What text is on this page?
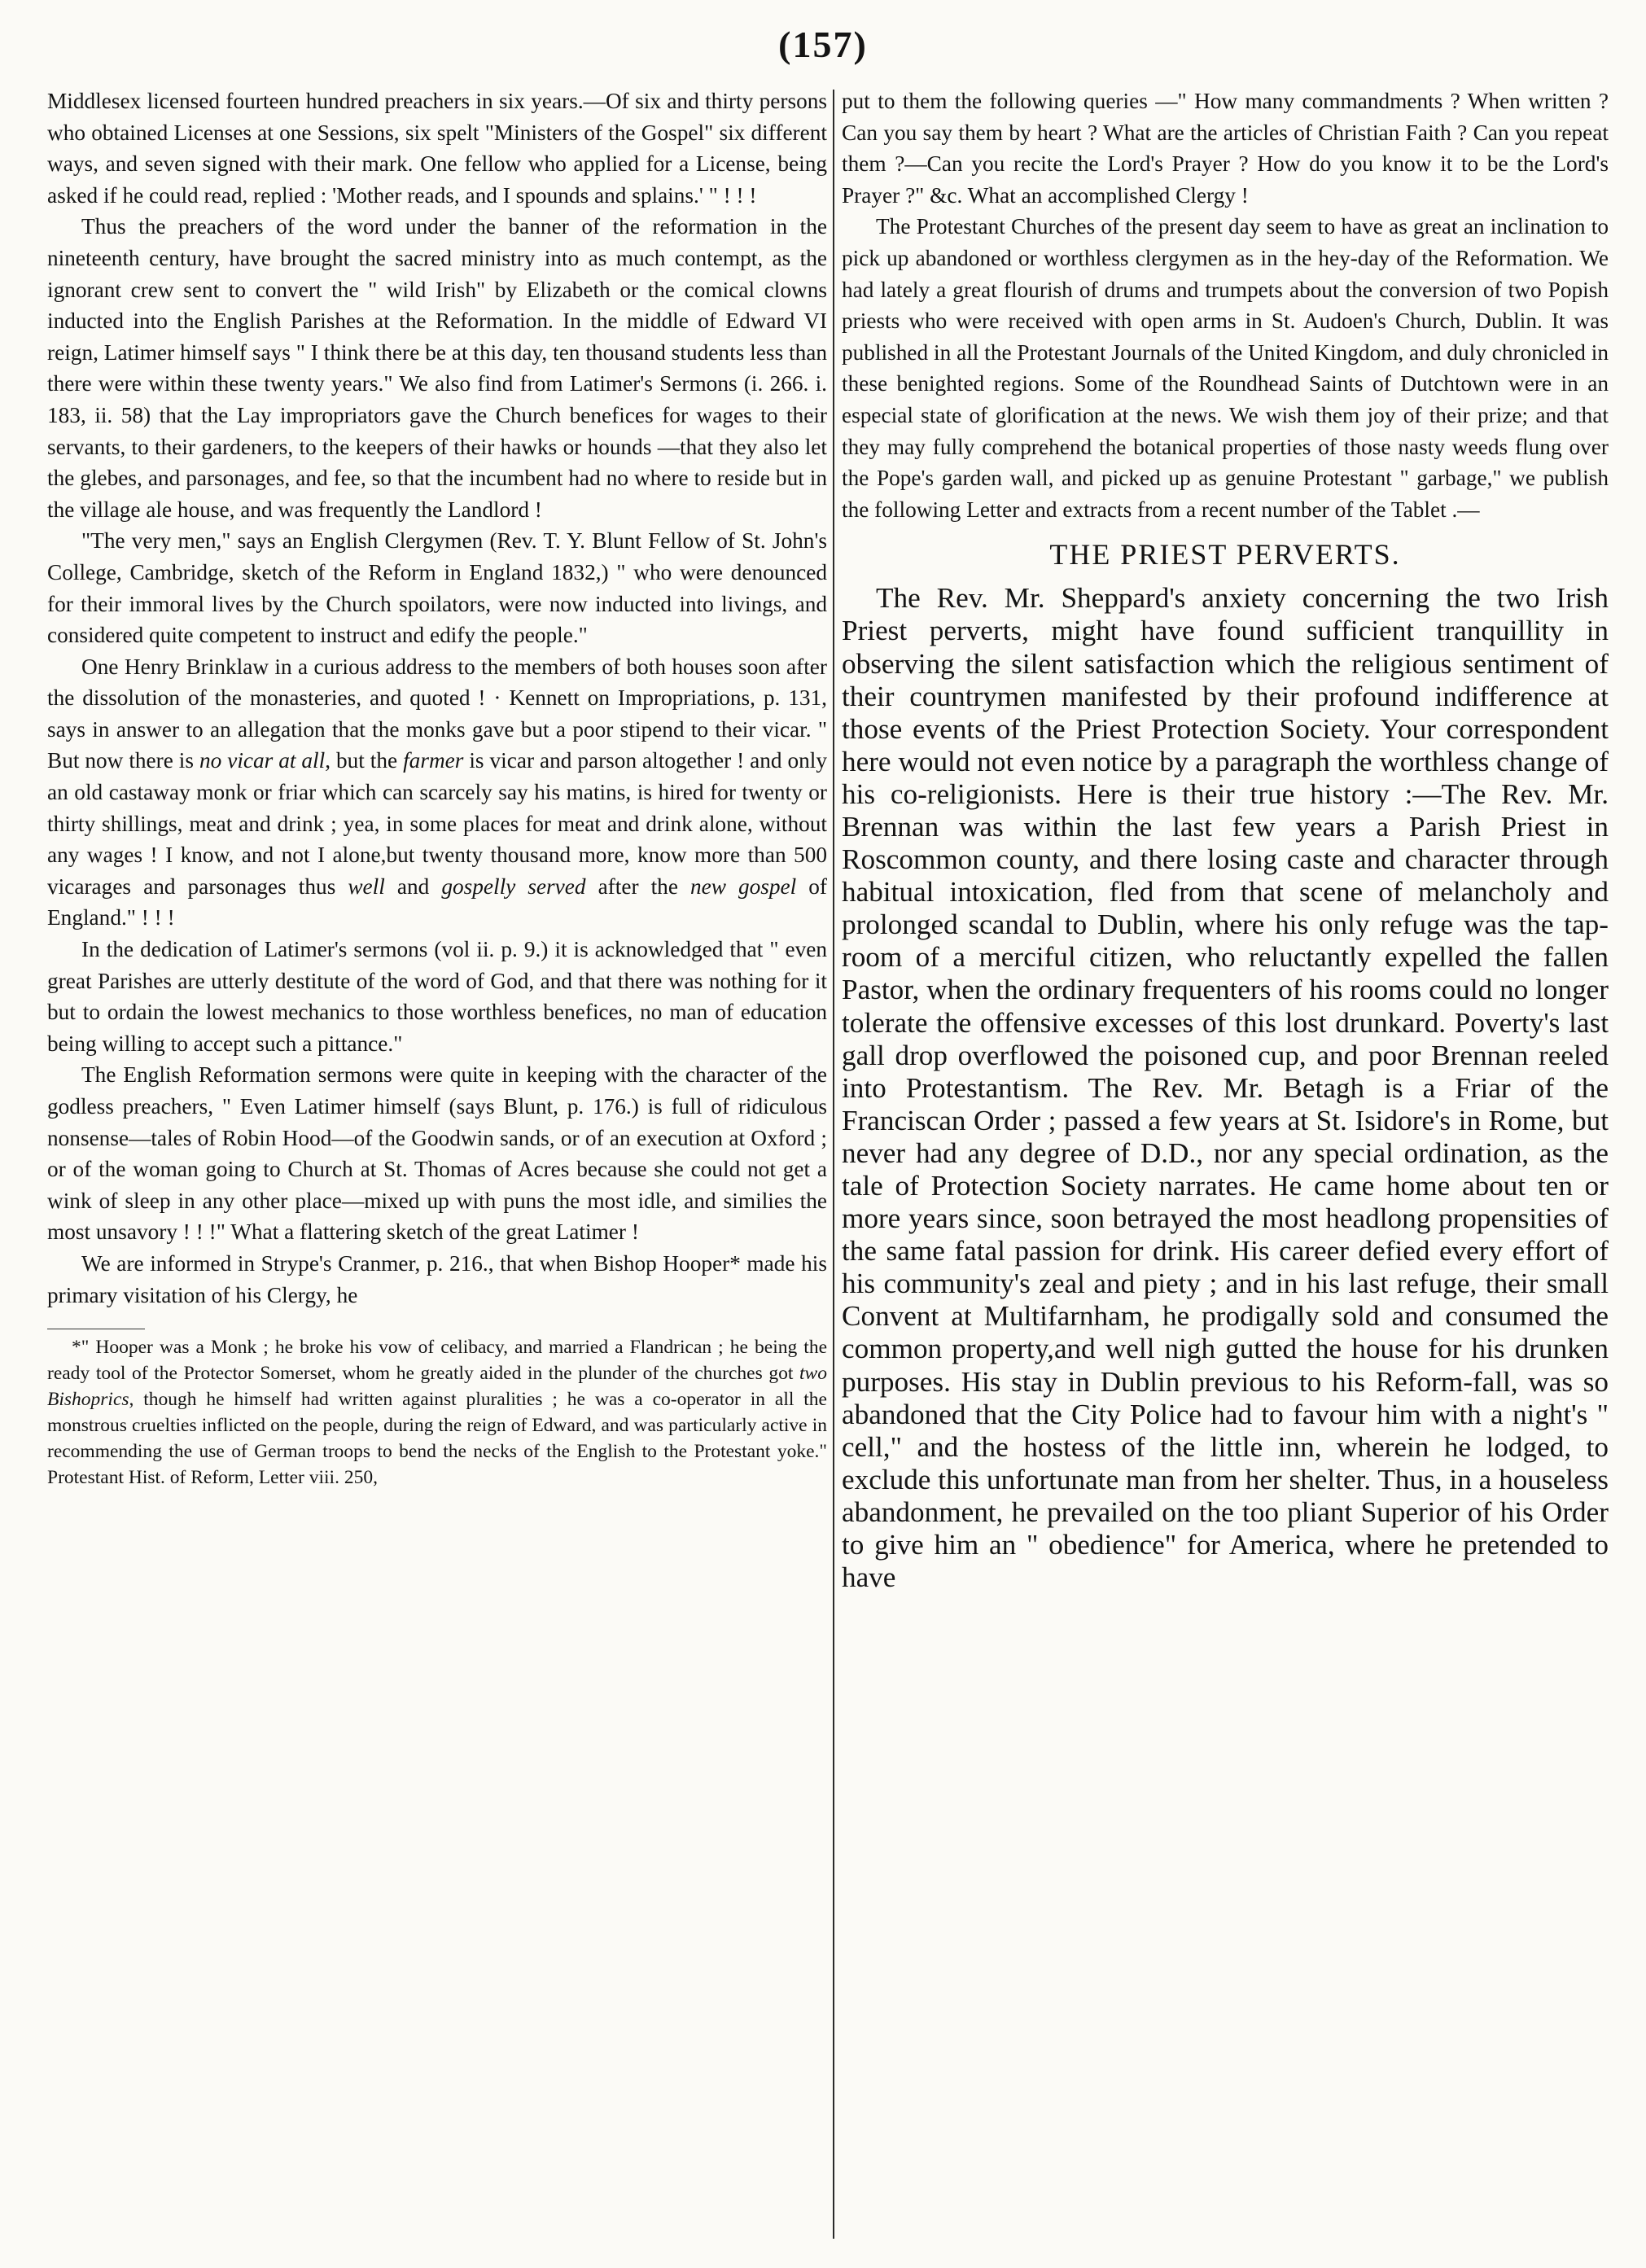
(157)

Middlesex licensed fourteen hundred preachers in six years.—Of six and thirty persons who obtained Licenses at one Sessions, six spelt "Ministers of the Gospel" six different ways, and seven signed with their mark. One fellow who applied for a License, being asked if he could read, replied : 'Mother reads, and I spounds and splains.' " ! ! !

Thus the preachers of the word under the banner of the reformation in the nineteenth century, have brought the sacred ministry into as much contempt, as the ignorant crew sent to convert the " wild Irish" by Elizabeth or the comical clowns inducted into the English Parishes at the Reformation. In the middle of Edward VI reign, Latimer himself says " I think there be at this day, ten thousand students less than there were within these twenty years." We also find from Latimer's Sermons (i. 266. i. 183, ii. 58) that the Lay impropriators gave the Church benefices for wages to their servants, to their gardeners, to the keepers of their hawks or hounds —that they also let the glebes, and parsonages, and fee, so that the incumbent had no where to reside but in the village ale house, and was frequently the Landlord !

"The very men," says an English Clergymen (Rev. T. Y. Blunt Fellow of St. John's College, Cambridge, sketch of the Reform in England 1832,) " who were denounced for their immoral lives by the Church spoilators, were now inducted into livings, and considered quite competent to instruct and edify the people."

One Henry Brinklaw in a curious address to the members of both houses soon after the dissolution of the monasteries, and quoted ! · Kennett on Impropriations, p. 131, says in answer to an allegation that the monks gave but a poor stipend to their vicar. " But now there is no vicar at all, but the farmer is vicar and parson altogether ! and only an old castaway monk or friar which can scarcely say his matins, is hired for twenty or thirty shillings, meat and drink ; yea, in some places for meat and drink alone, without any wages ! I know, and not I alone,but twenty thousand more, know more than 500 vicarages and parsonages thus well and gospelly served after the new gospel of England." ! ! !

In the dedication of Latimer's sermons (vol ii. p. 9.) it is acknowledged that " even great Parishes are utterly destitute of the word of God, and that there was nothing for it but to ordain the lowest mechanics to those worthless benefices, no man of education being willing to accept such a pittance."

The English Reformation sermons were quite in keeping with the character of the godless preachers, " Even Latimer himself (says Blunt, p. 176.) is full of ridiculous nonsense—tales of Robin Hood—of the Goodwin sands, or of an execution at Oxford ; or of the woman going to Church at St. Thomas of Acres because she could not get a wink of sleep in any other place—mixed up with puns the most idle, and similies the most unsavory ! ! !" What a flattering sketch of the great Latimer !

We are informed in Strype's Cranmer, p. 216., that when Bishop Hooper* made his primary visitation of his Clergy, he

*" Hooper was a Monk ; he broke his vow of celibacy, and married a Flandrican ; he being the ready tool of the Protector Somerset, whom he greatly aided in the plunder of the churches got two Bishoprics, though he himself had written against pluralities ; he was a co-operator in all the monstrous cruelties inflicted on the people, during the reign of Edward, and was particularly active in recommending the use of German troops to bend the necks of the English to the Protestant yoke." Protestant Hist. of Reform, Letter viii. 250,

put to them the following queries —" How many commandments ? When written ? Can you say them by heart ? What are the articles of Christian Faith ? Can you repeat them ?—Can you recite the Lord's Prayer ? How do you know it to be the Lord's Prayer ?" &c. What an accomplished Clergy !

The Protestant Churches of the present day seem to have as great an inclination to pick up abandoned or worthless clergymen as in the hey-day of the Reformation. We had lately a great flourish of drums and trumpets about the conversion of two Popish priests who were received with open arms in St. Audoen's Church, Dublin. It was published in all the Protestant Journals of the United Kingdom, and duly chronicled in these benighted regions. Some of the Roundhead Saints of Dutchtown were in an especial state of glorification at the news. We wish them joy of their prize; and that they may fully comprehend the botanical properties of those nasty weeds flung over the Pope's garden wall, and picked up as genuine Protestant " garbage," we publish the following Letter and extracts from a recent number of the Tablet .—

THE PRIEST PERVERTS.

The Rev. Mr. Sheppard's anxiety concerning the two Irish Priest perverts, might have found sufficient tranquillity in observing the silent satisfaction which the religious sentiment of their countrymen manifested by their profound indifference at those events of the Priest Protection Society. Your correspondent here would not even notice by a paragraph the worthless change of his co-religionists. Here is their true history :—The Rev. Mr. Brennan was within the last few years a Parish Priest in Roscommon county, and there losing caste and character through habitual intoxication, fled from that scene of melancholy and prolonged scandal to Dublin, where his only refuge was the tap-room of a merciful citizen, who reluctantly expelled the fallen Pastor, when the ordinary frequenters of his rooms could no longer tolerate the offensive excesses of this lost drunkard. Poverty's last gall drop overflowed the poisoned cup, and poor Brennan reeled into Protestantism. The Rev. Mr. Betagh is a Friar of the Franciscan Order ; passed a few years at St. Isidore's in Rome, but never had any degree of D.D., nor any special ordination, as the tale of Protection Society narrates. He came home about ten or more years since, soon betrayed the most headlong propensities of the same fatal passion for drink. His career defied every effort of his community's zeal and piety ; and in his last refuge, their small Convent at Multifarnham, he prodigally sold and consumed the common property,and well nigh gutted the house for his drunken purposes. His stay in Dublin previous to his Reform-fall, was so abandoned that the City Police had to favour him with a night's " cell," and the hostess of the little inn, wherein he lodged, to exclude this unfortunate man from her shelter. Thus, in a houseless abandonment, he prevailed on the too pliant Superior of his Order to give him an " obedience" for America, where he pretended to have
